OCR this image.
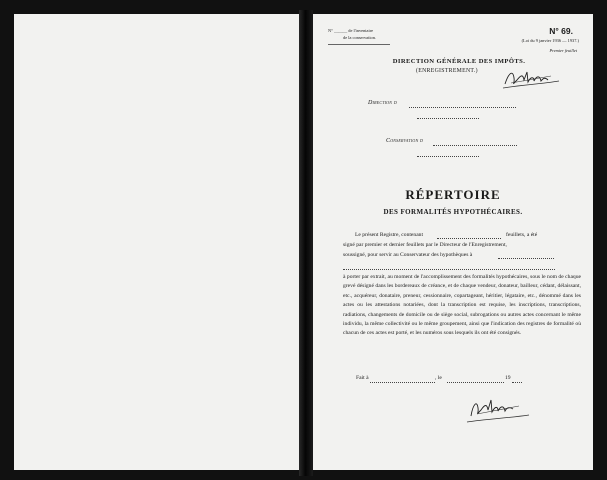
N° ______ de l'inventaire
de la conservation.
N° 69.
(Loi du 9 janvier 1936 — 1937.)
Premier feuillet
DIRECTION GÉNÉRALE DES IMPÔTS.
(ENREGISTREMENT.)
Direction d
Conservation d
RÉPERTOIRE
DES FORMALITÉS HYPOTHÉCAIRES.
Le présent Registre, contenant	feuillets, a été
signé par premier et dernier feuillets par le Directeur de l'Enregistrement,
soussigné, pour servir au Conservateur des hypothèques à

à porter par extrait, au moment de l'accomplissement des formalités hypothécaires, sous le nom de chaque grevé désigné dans les bordereaux de créance, et de chaque vendeur, donateur, bailleur, cédant, délaissant, etc., acquéreur, donataire, preneur, cessionnaire, copartageant, héritier, légataire, etc., dénommé dans les actes ou les attestations notariées, dont la transcription est requise, les inscriptions, transcriptions, radiations, changements de domicile ou de siège social, subrogations ou autres actes concernant le même individu, la même collectivité ou le même groupement, ainsi que l'indication des registres de formalité où chacun de ces actes est porté, et les numéros sous lesquels ils ont été consignés.

Fait à	, le	19
